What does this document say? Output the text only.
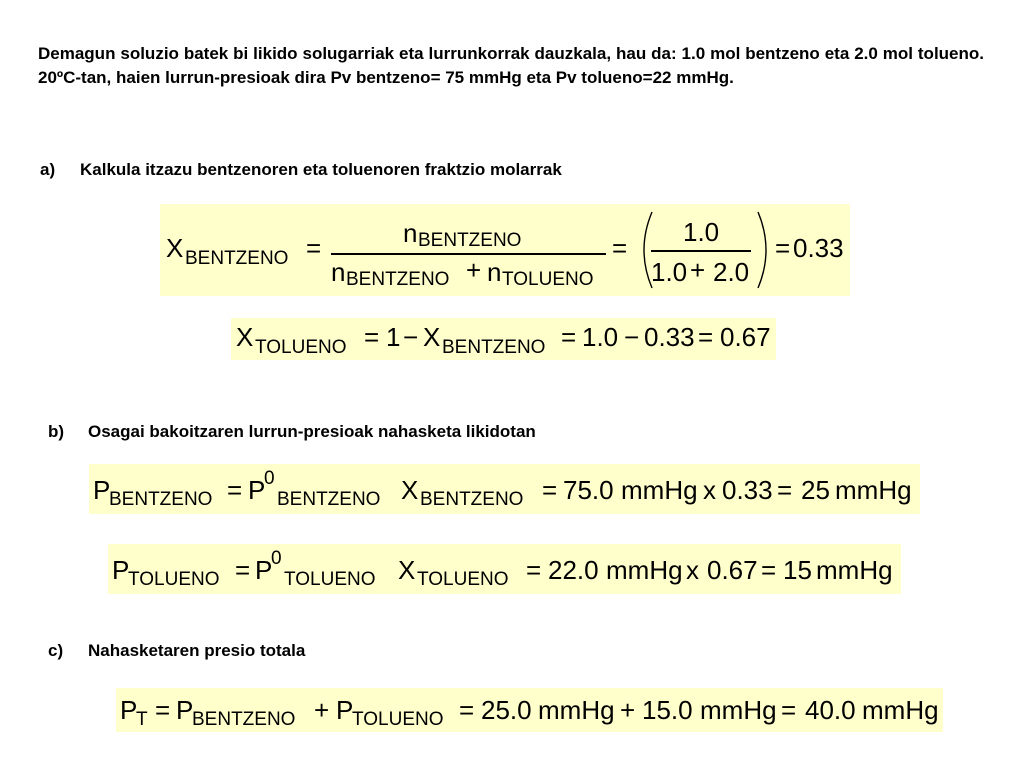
Demagun soluzio batek bi likido solugarriak eta lurrunkorrak dauzkala, hau da: 1.0 mol bentzeno eta 2.0 mol tolueno. 20ºC-tan, haien lurrun-presioak dira Pv bentzeno= 75 mmHg eta Pv tolueno=22 mmHg.
a) Kalkula itzazu bentzenoren eta toluenoren fraktzio molarrak
X BENTZENO =	n BENTZENO
n BENTZENO + n TOLUENO
=
1.0
1.0 + 2.0
= 0.33
X TOLUENO = 1 − X BENTZENO = 1.0 − 0.33 = 0.67
b) Osagai bakoitzaren lurrun-presioak nahasketa likidotan
P
BENTZENO = P
0
BENTZENO X BENTZENO = 75.0 mmHg x 0.33 = 25 mmHg
P
TOLUENO = P
0
TOLUENO X TOLUENO = 22.0 mmHg x 0.67 = 15 mmHg
c) Nahasketaren presio totala
P
T = P
BENTZENO + P
TOLUENO = 25.0 mmHg + 15.0 mmHg = 40.0 mmHg
